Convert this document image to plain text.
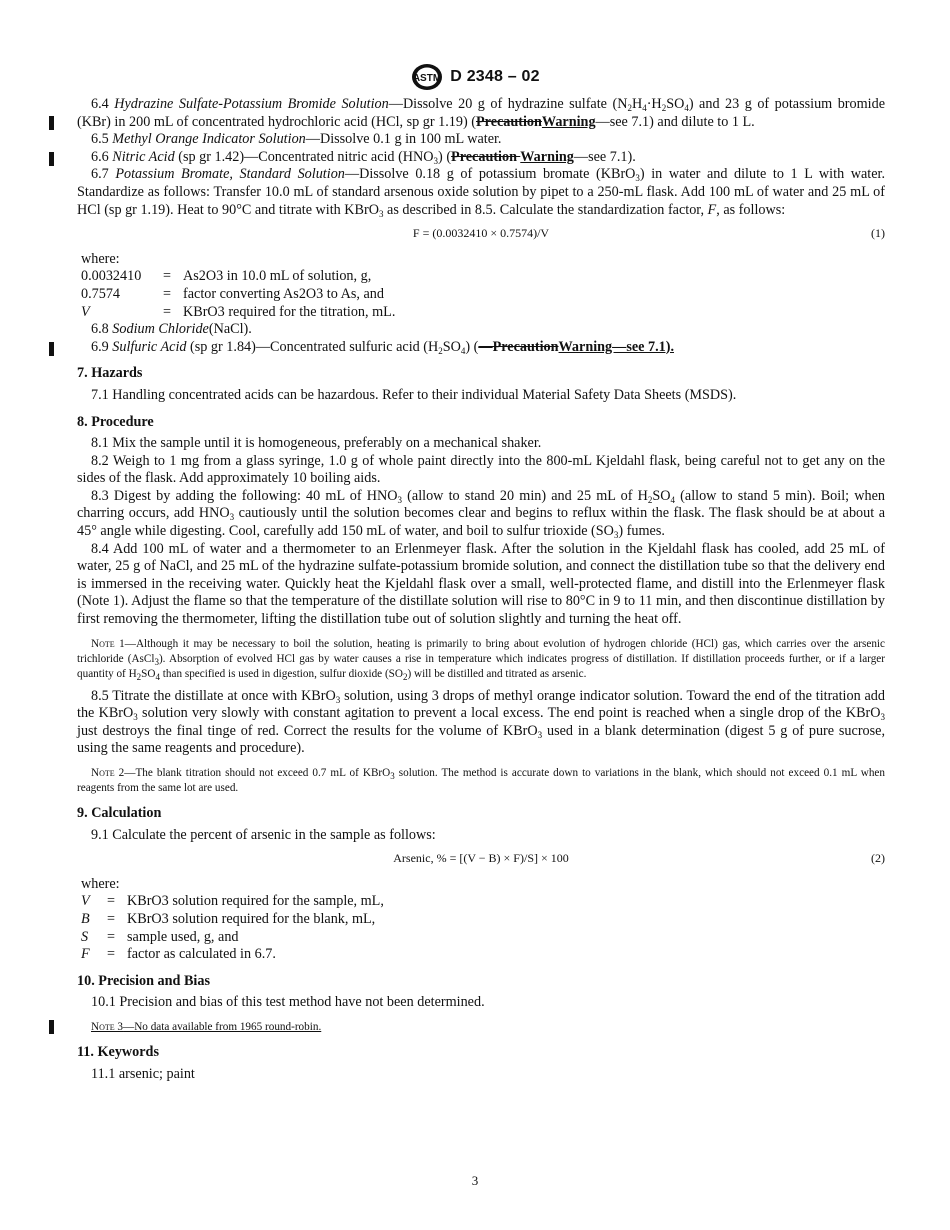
ASTM D 2348 – 02

6.4 Hydrazine Sulfate-Potassium Bromide Solution—Dissolve 20 g of hydrazine sulfate $(N_2H_4\cdot H_2SO_4)$ and 23 g of potassium bromide (KBr) in 200 mL of concentrated hydrochloric acid (HCl, sp gr 1.19) (PrecautionWarning—see 7.1) and dilute to 1 L.

6.5 Methyl Orange Indicator Solution—Dissolve 0.1 g in 100 mL water.

6.6 Nitric Acid (sp gr 1.42)—Concentrated nitric acid $(HNO_3)$ (Precaution Warning—see 7.1).

6.7 Potassium Bromate, Standard Solution—Dissolve 0.18 g of potassium bromate (KBrO$_3$) in water and dilute to 1 L with water. Standardize as follows: Transfer 10.0 mL of standard arsenous oxide solution by pipet to a 250-mL flask. Add 100 mL of water and 25 mL of HCl (sp gr 1.19). Heat to 90°C and titrate with KBrO$_3$ as described in 8.5. Calculate the standardization factor, F, as follows:

F = (0.0032410 × 0.7574)/V	(1)
where:
0.0032410	= As2O3 in 10.0 mL of solution, g,
0.7574	= factor converting As2O3 to As, and
V	= KBrO3 required for the titration, mL.

6.8 Sodium Chloride(NaCl).

6.9 Sulfuric Acid (sp gr 1.84)—Concentrated sulfuric acid $(H_2SO_4)$ (—PrecautionWarning—see 7.1).

7. Hazards

7.1 Handling concentrated acids can be hazardous. Refer to their individual Material Safety Data Sheets (MSDS).

8. Procedure

8.1 Mix the sample until it is homogeneous, preferably on a mechanical shaker.

8.2 Weigh to 1 mg from a glass syringe, 1.0 g of whole paint directly into the 800-mL Kjeldahl flask, being careful not to get any on the sides of the flask. Add approximately 10 boiling aids.

8.3 Digest by adding the following: 40 mL of $HNO_3$ (allow to stand 20 min) and 25 mL of $H_2SO_4$ (allow to stand 5 min). Boil; when charring occurs, add $HNO_3$ cautiously until the solution becomes clear and begins to reflux within the flask. The flask should be at about a 45° angle while digesting. Cool, carefully add 150 mL of water, and boil to sulfur trioxide $(SO_3)$ fumes.

8.4 Add 100 mL of water and a thermometer to an Erlenmeyer flask. After the solution in the Kjeldahl flask has cooled, add 25 mL of water, 25 g of NaCl, and 25 mL of the hydrazine sulfate-potassium bromide solution, and connect the distillation tube so that the delivery end is immersed in the receiving water. Quickly heat the Kjeldahl flask over a small, well-protected flame, and distill into the Erlenmeyer flask (Note 1). Adjust the flame so that the temperature of the distillate solution will rise to 80°C in 9 to 11 min, and then discontinue distillation by first removing the thermometer, lifting the distillation tube out of solution slightly and turning the heat off.

Note 1—Although it may be necessary to boil the solution, heating is primarily to bring about evolution of hydrogen chloride (HCl) gas, which carries over the arsenic trichloride (AsCl$_3$). Absorption of evolved HCl gas by water causes a rise in temperature which indicates progress of distillation. If distillation proceeds further, or if a larger quantity of $H_2SO_4$ than specified is used in digestion, sulfur dioxide $(SO_2)$ will be distilled and titrated as arsenic.

8.5 Titrate the distillate at once with KBrO$_3$ solution, using 3 drops of methyl orange indicator solution. Toward the end of the titration add the KBrO$_3$ solution very slowly with constant agitation to prevent a local excess. The end point is reached when a single drop of the KBrO$_3$ just destroys the final tinge of red. Correct the results for the volume of KBrO$_3$ used in a blank determination (digest 5 g of pure sucrose, using the same reagents and procedure).

Note 2—The blank titration should not exceed 0.7 mL of KBrO$_3$ solution. The method is accurate down to variations in the blank, which should not exceed 0.1 mL when reagents from the same lot are used.

9. Calculation

9.1 Calculate the percent of arsenic in the sample as follows:

Arsenic, % = [(V − B) × F)/S] × 100	(2)
where:
V	= KBrO3 solution required for the sample, mL,
B	= KBrO3 solution required for the blank, mL,
S	= sample used, g, and
F	= factor as calculated in 6.7.
10. Precision and Bias

10.1 Precision and bias of this test method have not been determined.

Note 3—No data available from 1965 round-robin.

11. Keywords

11.1 arsenic; paint

3
